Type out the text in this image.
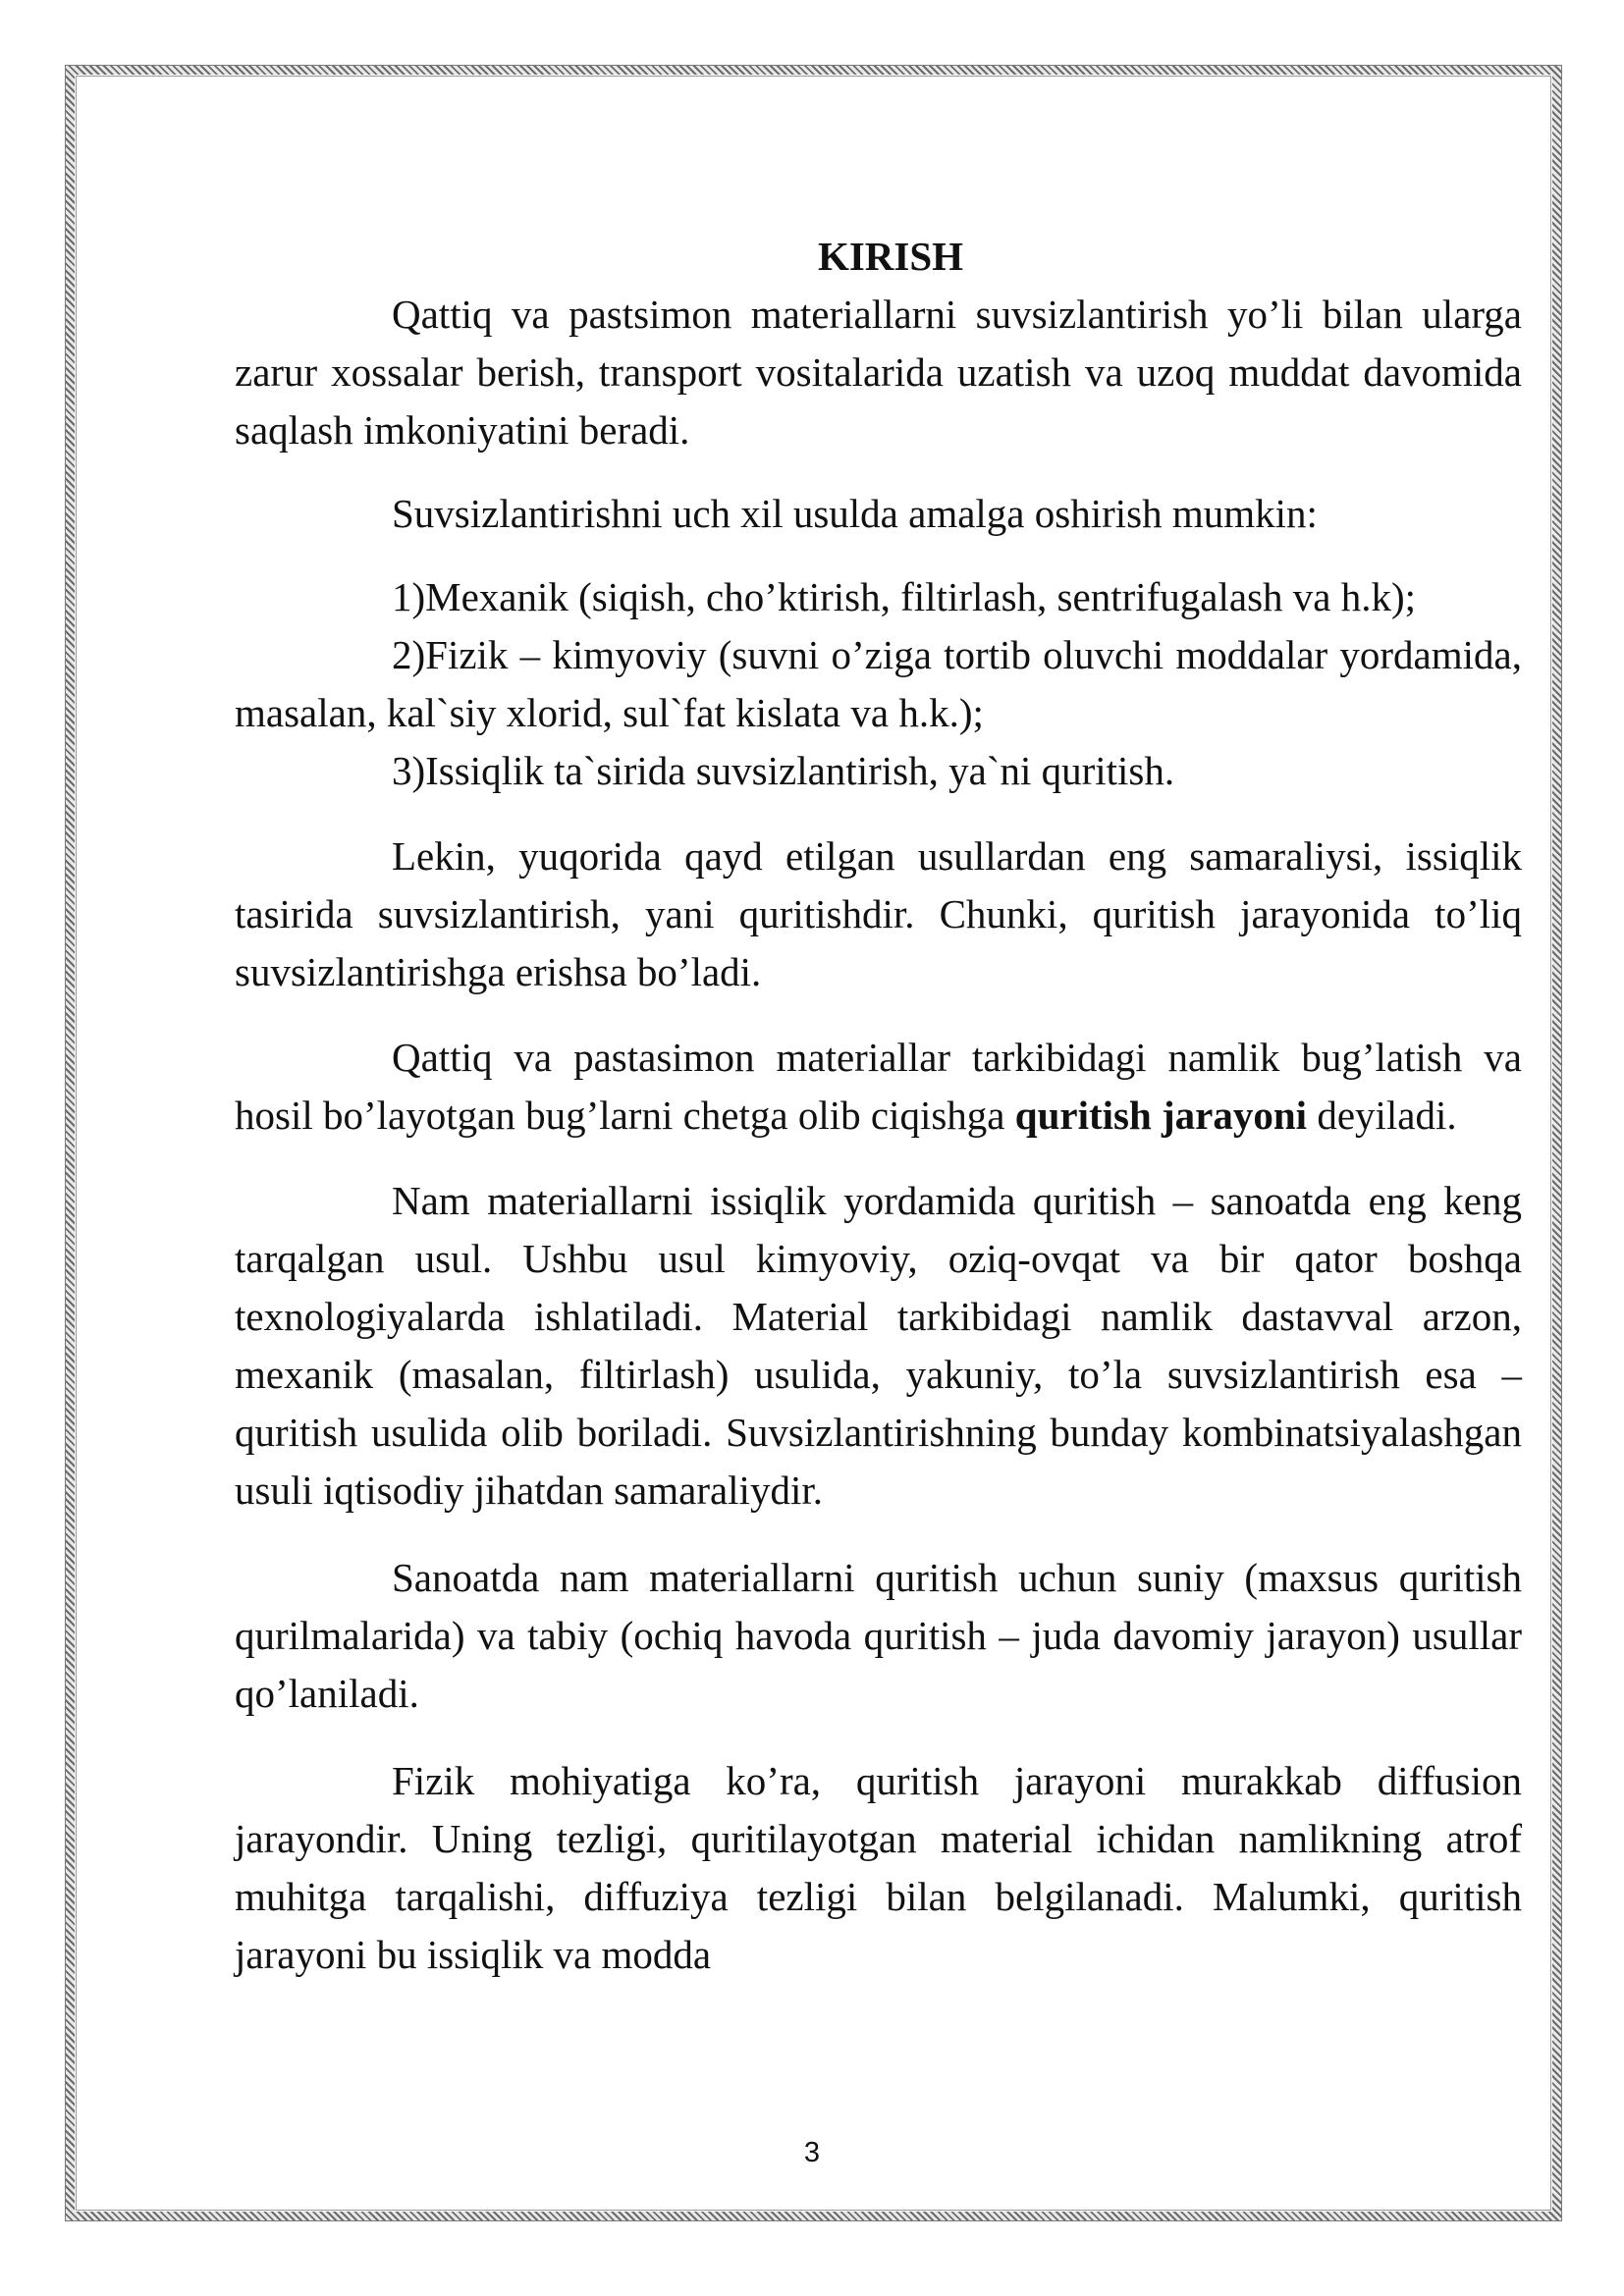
KIRISH

Qattiq va pastsimon materiallarni suvsizlantirish yo’li bilan ularga zarur xossalar berish, transport vositalarida uzatish va uzoq muddat davomida saqlash imkoniyatini beradi.

Suvsizlantirishni uch xil usulda amalga oshirish mumkin:

1)Mexanik (siqish, cho’ktirish, filtirlash, sentrifugalash va h.k);

2)Fizik – kimyoviy (suvni o’ziga tortib oluvchi moddalar yordamida, masalan, kal`siy xlorid, sul`fat kislata va h.k.);

3)Issiqlik ta`sirida suvsizlantirish, ya`ni quritish.

Lekin, yuqorida qayd etilgan usullardan eng samaraliysi, issiqlik tasirida suvsizlantirish, yani quritishdir. Chunki, quritish jarayonida to’liq suvsizlantirishga erishsa bo’ladi.

Qattiq va pastasimon materiallar tarkibidagi namlik bug’latish va hosil bo’layotgan bug’larni chetga olib ciqishga quritish jarayoni deyiladi.

Nam materiallarni issiqlik yordamida quritish – sanoatda eng keng tarqalgan usul. Ushbu usul kimyoviy, oziq-ovqat va bir qator boshqa texnologiyalarda ishlatiladi. Material tarkibidagi namlik dastavval arzon, mexanik (masalan, filtirlash) usulida, yakuniy, to’la suvsizlantirish esa – quritish usulida olib boriladi. Suvsizlantirishning bunday kombinatsiyalashgan usuli iqtisodiy jihatdan samaraliydir.

Sanoatda nam materiallarni quritish uchun suniy (maxsus quritish qurilmalarida) va tabiy (ochiq havoda quritish – juda davomiy jarayon) usullar qo’laniladi.

Fizik mohiyatiga ko’ra, quritish jarayoni murakkab diffusion jarayondir. Uning tezligi, quritilayotgan material ichidan namlikning atrof muhitga tarqalishi, diffuziya tezligi bilan belgilanadi. Malumki, quritish jarayoni bu issiqlik va modda

3
